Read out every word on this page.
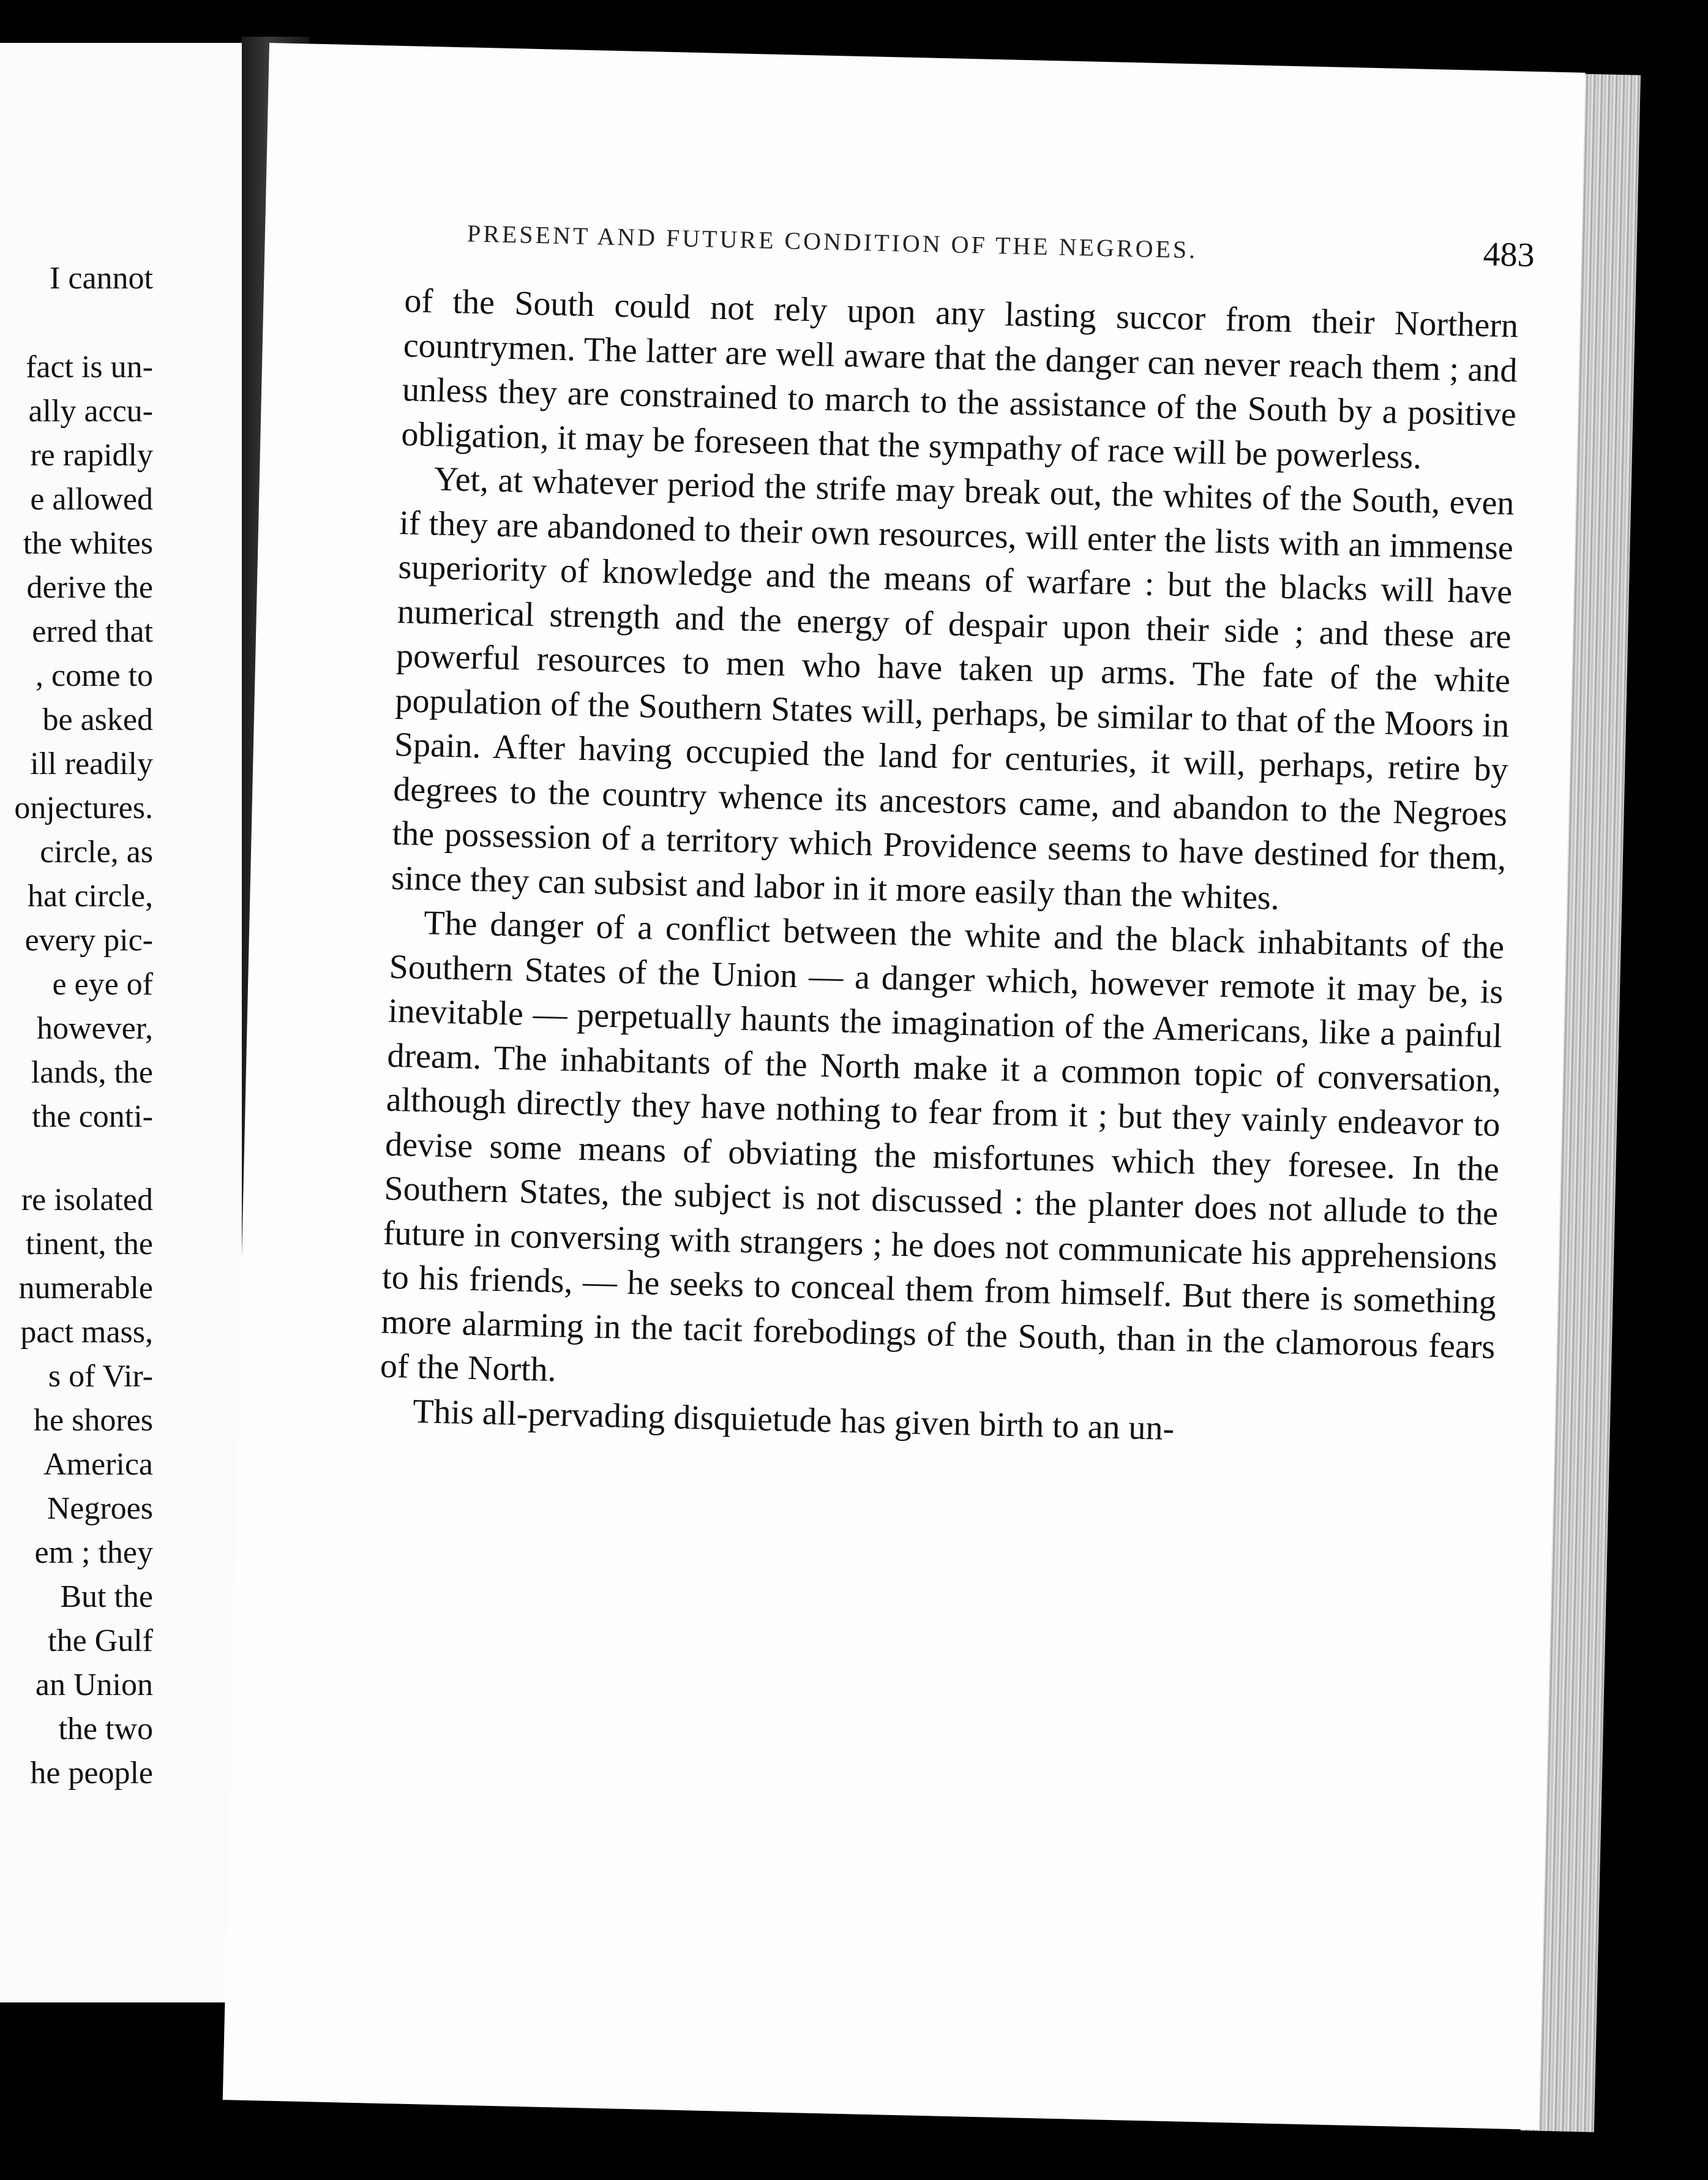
I cannot
fact is un-
ally accu-
re rapidly
e allowed
the whites
derive the
erred that
, come to
be asked
ill readily
onjectures.
circle, as
hat circle,
every pic-
e eye of
however,
lands, the
the conti-
re isolated
tinent, the
numerable
pact mass,
s of Vir-
he shores
America
Negroes
em ; they
But the
the Gulf
an Union
the two
he people
PRESENT AND FUTURE CONDITION OF THE NEGROES.	483

of the South could not rely upon any lasting succor from their Northern countrymen. The latter are well aware that the danger can never reach them ; and unless they are constrained to march to the assistance of the South by a positive obligation, it may be foreseen that the sympathy of race will be powerless.

Yet, at whatever period the strife may break out, the whites of the South, even if they are abandoned to their own resources, will enter the lists with an immense superiority of knowledge and the means of warfare : but the blacks will have numerical strength and the energy of despair upon their side ; and these are powerful resources to men who have taken up arms. The fate of the white population of the Southern States will, perhaps, be similar to that of the Moors in Spain. After having occupied the land for centuries, it will, perhaps, retire by degrees to the country whence its ancestors came, and abandon to the Negroes the possession of a territory which Providence seems to have destined for them, since they can subsist and labor in it more easily than the whites.

The danger of a conflict between the white and the black inhabitants of the Southern States of the Union — a danger which, however remote it may be, is inevitable — perpetually haunts the imagination of the Americans, like a painful dream. The inhabitants of the North make it a common topic of conversation, although directly they have nothing to fear from it ; but they vainly endeavor to devise some means of obviating the misfortunes which they foresee. In the Southern States, the subject is not discussed : the planter does not allude to the future in conversing with strangers ; he does not communicate his apprehensions to his friends, — he seeks to conceal them from himself. But there is something more alarming in the tacit forebodings of the South, than in the clamorous fears of the North.

This all-pervading disquietude has given birth to an un-
